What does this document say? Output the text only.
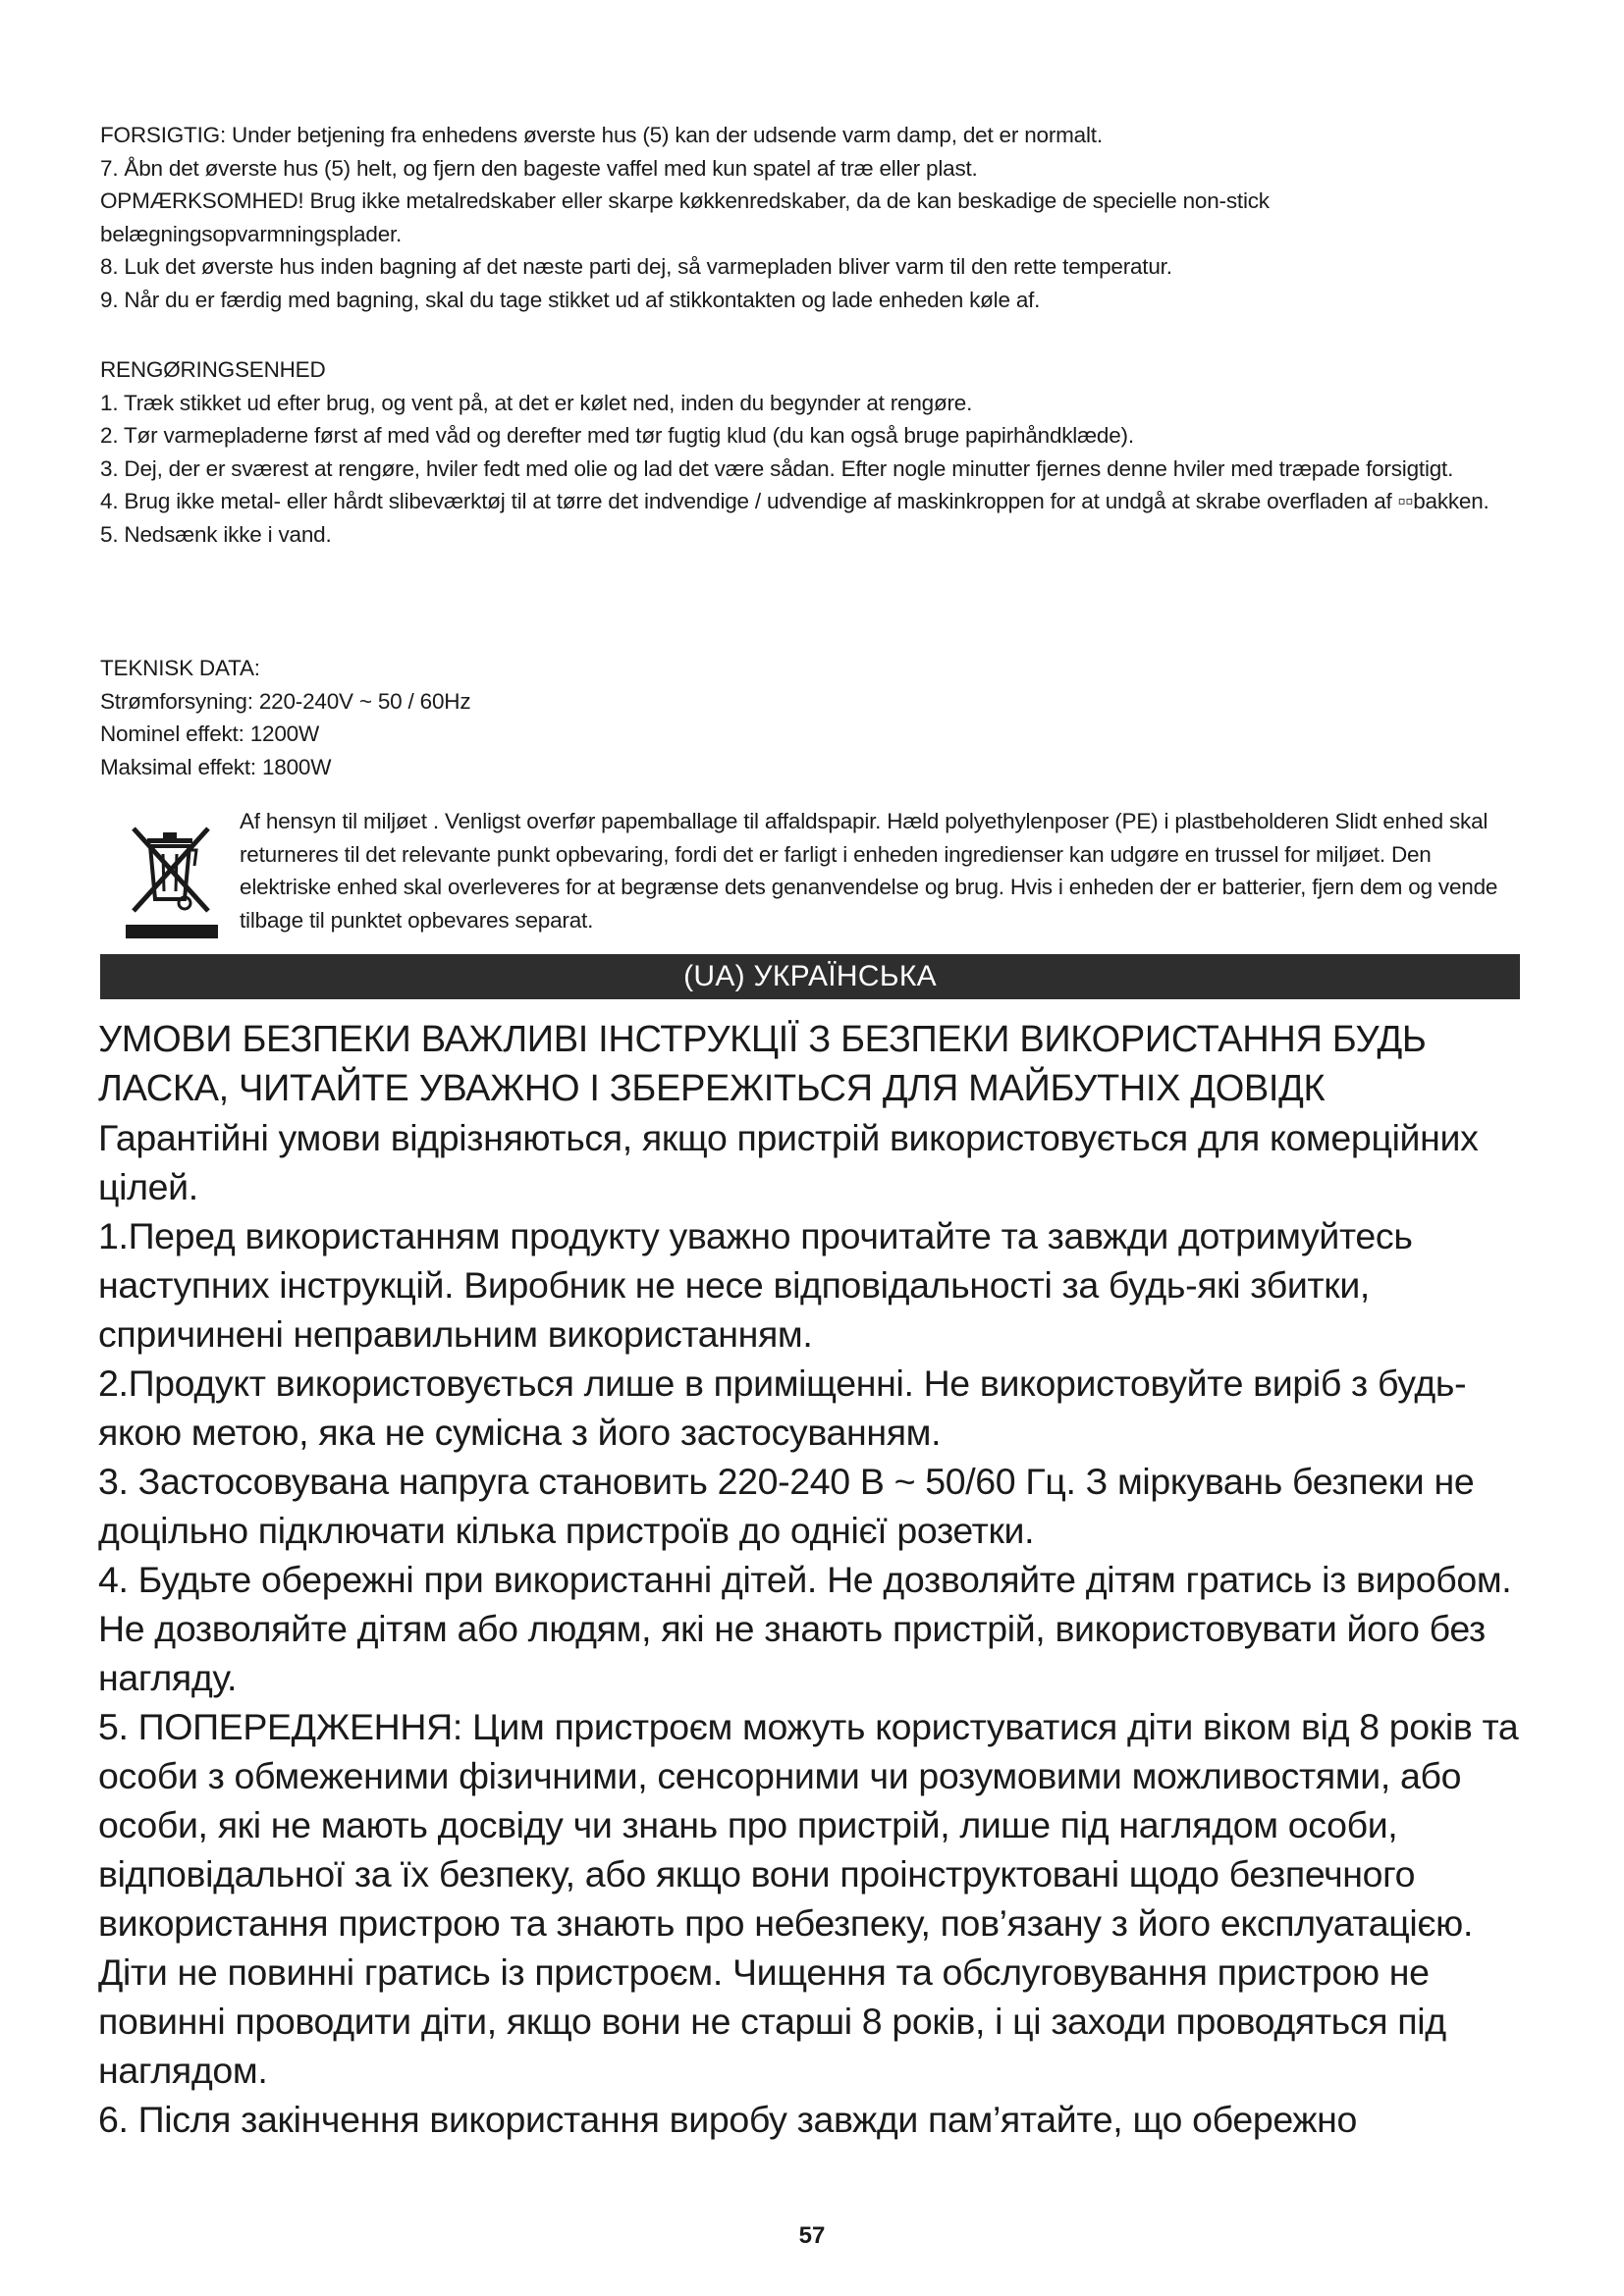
FORSIGTIG: Under betjening fra enhedens øverste hus (5) kan der udsende varm damp, det er normalt.

7. Åbn det øverste hus (5) helt, og fjern den bageste vaffel med kun spatel af træ eller plast.

OPMÆRKSOMHED! Brug ikke metalredskaber eller skarpe køkkenredskaber, da de kan beskadige de specielle non-stick belægningsopvarmningsplader.

8. Luk det øverste hus inden bagning af det næste parti dej, så varmepladen bliver varm til den rette temperatur.

9. Når du er færdig med bagning, skal du tage stikket ud af stikkontakten og lade enheden køle af.

RENGØRINGSENHED

1. Træk stikket ud efter brug, og vent på, at det er kølet ned, inden du begynder at rengøre.

2. Tør varmepladerne først af med våd og derefter med tør fugtig klud (du kan også bruge papirhåndklæde).

3. Dej, der er sværest at rengøre, hviler fedt med olie og lad det være sådan. Efter nogle minutter fjernes denne hviler med træpade forsigtigt.

4. Brug ikke metal- eller hårdt slibeværktøj til at tørre det indvendige / udvendige af maskinkroppen for at undgå at skrabe overfladen af ▫▫bakken.

5. Nedsænk ikke i vand.

TEKNISK DATA:

Strømforsyning: 220-240V ~ 50 / 60Hz

Nominel effekt: 1200W

Maksimal effekt: 1800W

Af hensyn til miljøet . Venligst overfør papemballage til affaldspapir. Hæld polyethylenposer (PE) i plastbeholderen Slidt enhed skal returneres til det relevante punkt opbevaring, fordi det er farligt i enheden ingredienser kan udgøre en trussel for miljøet. Den elektriske enhed skal overleveres for at begrænse dets genanvendelse og brug. Hvis i enheden der er batterier, fjern dem og vende tilbage til punktet opbevares separat.

(UA) УКРАЇНСЬКА

УМОВИ БЕЗПЕКИ ВАЖЛИВІ ІНСТРУКЦІЇ З БЕЗПЕКИ ВИКОРИСТАННЯ БУДЬ ЛАСКА, ЧИТАЙТЕ УВАЖНО І ЗБЕРЕЖІТЬСЯ ДЛЯ МАЙБУТНІХ ДОВІДК

Гарантійні умови відрізняються, якщо пристрій використовується для комерційних цілей.

1.Перед використанням продукту уважно прочитайте та завжди дотримуйтесь наступних інструкцій. Виробник не несе відповідальності за будь-які збитки, спричинені неправильним використанням.

2.Продукт використовується лише в приміщенні. Не використовуйте виріб з будь-якою метою, яка не сумісна з його застосуванням.

3. Застосовувана напруга становить 220-240 В ~ 50/60 Гц. З міркувань безпеки не доцільно підключати кілька пристроїв до однієї розетки.

4. Будьте обережні при використанні дітей. Не дозволяйте дітям гратись із виробом. Не дозволяйте дітям або людям, які не знають пристрій, використовувати його без нагляду.

5. ПОПЕРЕДЖЕННЯ: Цим пристроєм можуть користуватися діти віком від 8 років та особи з обмеженими фізичними, сенсорними чи розумовими можливостями, або особи, які не мають досвіду чи знань про пристрій, лише під наглядом особи, відповідальної за їх безпеку, або якщо вони проінструктовані щодо безпечного використання пристрою та знають про небезпеку, пов’язану з його експлуатацією. Діти не повинні гратись із пристроєм. Чищення та обслуговування пристрою не повинні проводити діти, якщо вони не старші 8 років, і ці заходи проводяться під наглядом.

6. Після закінчення використання виробу завжди пам’ятайте, що обережно

57
